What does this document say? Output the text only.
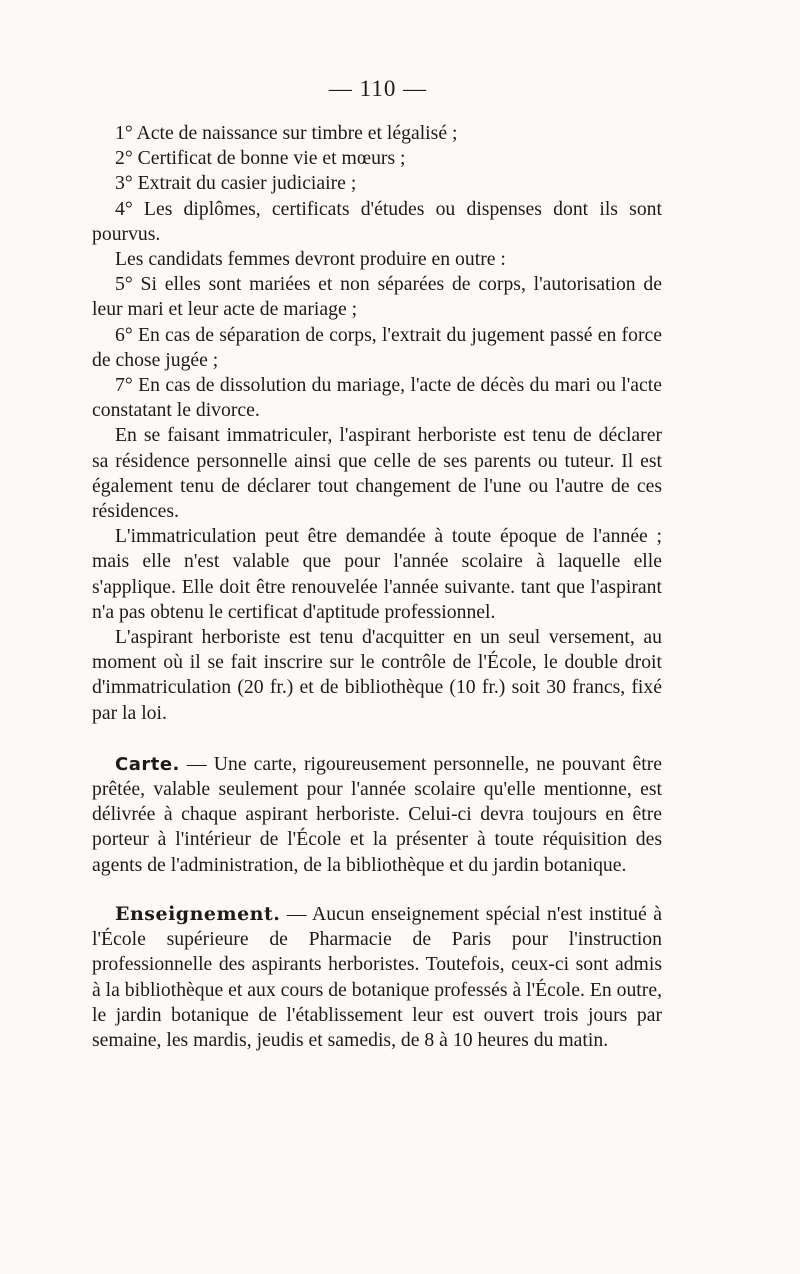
— 110 —

1° Acte de naissance sur timbre et légalisé ;

2° Certificat de bonne vie et mœurs ;

3° Extrait du casier judiciaire ;

4° Les diplômes, certificats d'études ou dispenses dont ils sont pourvus.

Les candidats femmes devront produire en outre :

5° Si elles sont mariées et non séparées de corps, l'autorisation de leur mari et leur acte de mariage ;

6° En cas de séparation de corps, l'extrait du jugement passé en force de chose jugée ;

7° En cas de dissolution du mariage, l'acte de décès du mari ou l'acte constatant le divorce.

En se faisant immatriculer, l'aspirant herboriste est tenu de déclarer sa résidence personnelle ainsi que celle de ses parents ou tuteur. Il est également tenu de déclarer tout changement de l'une ou l'autre de ces résidences.

L'immatriculation peut être demandée à toute époque de l'année ; mais elle n'est valable que pour l'année scolaire à laquelle elle s'applique. Elle doit être renouvelée l'année suivante. tant que l'aspirant n'a pas obtenu le certificat d'aptitude professionnel.

L'aspirant herboriste est tenu d'acquitter en un seul versement, au moment où il se fait inscrire sur le contrôle de l'École, le double droit d'immatriculation (20 fr.) et de bibliothèque (10 fr.) soit 30 francs, fixé par la loi.

Carte. — Une carte, rigoureusement personnelle, ne pouvant être prêtée, valable seulement pour l'année scolaire qu'elle mentionne, est délivrée à chaque aspirant herboriste. Celui-ci devra toujours en être porteur à l'intérieur de l'École et la présenter à toute réquisition des agents de l'administration, de la bibliothèque et du jardin botanique.

Enseignement. — Aucun enseignement spécial n'est institué à l'École supérieure de Pharmacie de Paris pour l'instruction professionnelle des aspirants herboristes. Toutefois, ceux-ci sont admis à la bibliothèque et aux cours de botanique professés à l'École. En outre, le jardin botanique de l'établissement leur est ouvert trois jours par semaine, les mardis, jeudis et samedis, de 8 à 10 heures du matin.
